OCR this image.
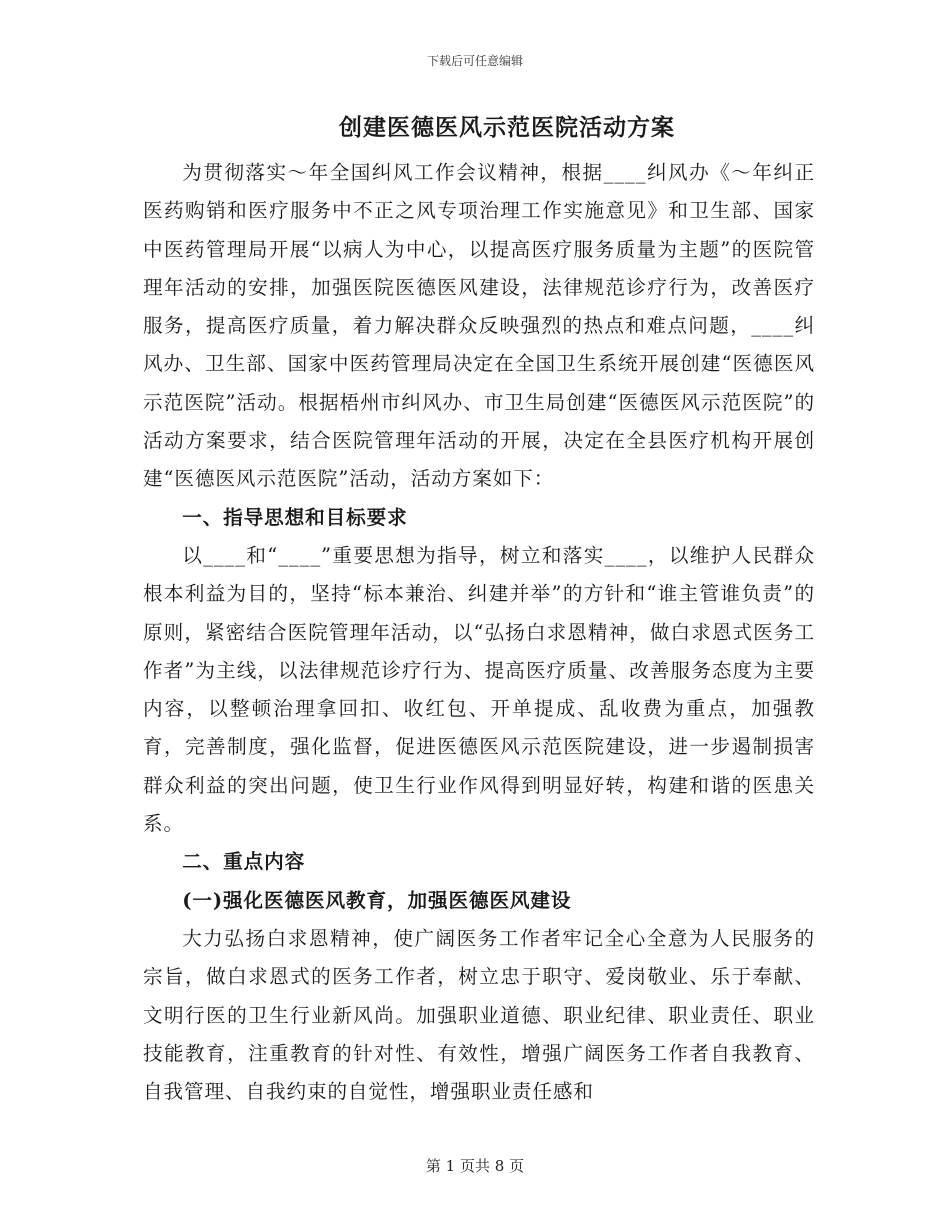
下载后可任意编辑
创建医德医风示范医院活动方案

为贯彻落实～年全国纠风工作会议精神，根据____纠风办《～年纠正医药购销和医疗服务中不正之风专项治理工作实施意见》和卫生部、国家中医药管理局开展“以病人为中心，以提高医疗服务质量为主题”的医院管理年活动的安排，加强医院医德医风建设，法律规范诊疗行为，改善医疗服务，提高医疗质量，着力解决群众反映强烈的热点和难点问题，____纠风办、卫生部、国家中医药管理局决定在全国卫生系统开展创建“医德医风示范医院”活动。根据梧州市纠风办、市卫生局创建“医德医风示范医院”的活动方案要求，结合医院管理年活动的开展，决定在全县医疗机构开展创建“医德医风示范医院”活动，活动方案如下：

一、指导思想和目标要求

以____和“____”重要思想为指导，树立和落实____，以维护人民群众根本利益为目的，坚持“标本兼治、纠建并举”的方针和“谁主管谁负责”的原则，紧密结合医院管理年活动，以“弘扬白求恩精神，做白求恩式医务工作者”为主线，以法律规范诊疗行为、提高医疗质量、改善服务态度为主要内容，以整顿治理拿回扣、收红包、开单提成、乱收费为重点，加强教育，完善制度，强化监督，促进医德医风示范医院建设，进一步遏制损害群众利益的突出问题，使卫生行业作风得到明显好转，构建和谐的医患关系。

二、重点内容

(一)强化医德医风教育，加强医德医风建设

大力弘扬白求恩精神，使广阔医务工作者牢记全心全意为人民服务的宗旨，做白求恩式的医务工作者，树立忠于职守、爱岗敬业、乐于奉献、文明行医的卫生行业新风尚。加强职业道德、职业纪律、职业责任、职业技能教育，注重教育的针对性、有效性，增强广阔医务工作者自我教育、自我管理、自我约束的自觉性，增强职业责任感和

第 1 页共 8 页
